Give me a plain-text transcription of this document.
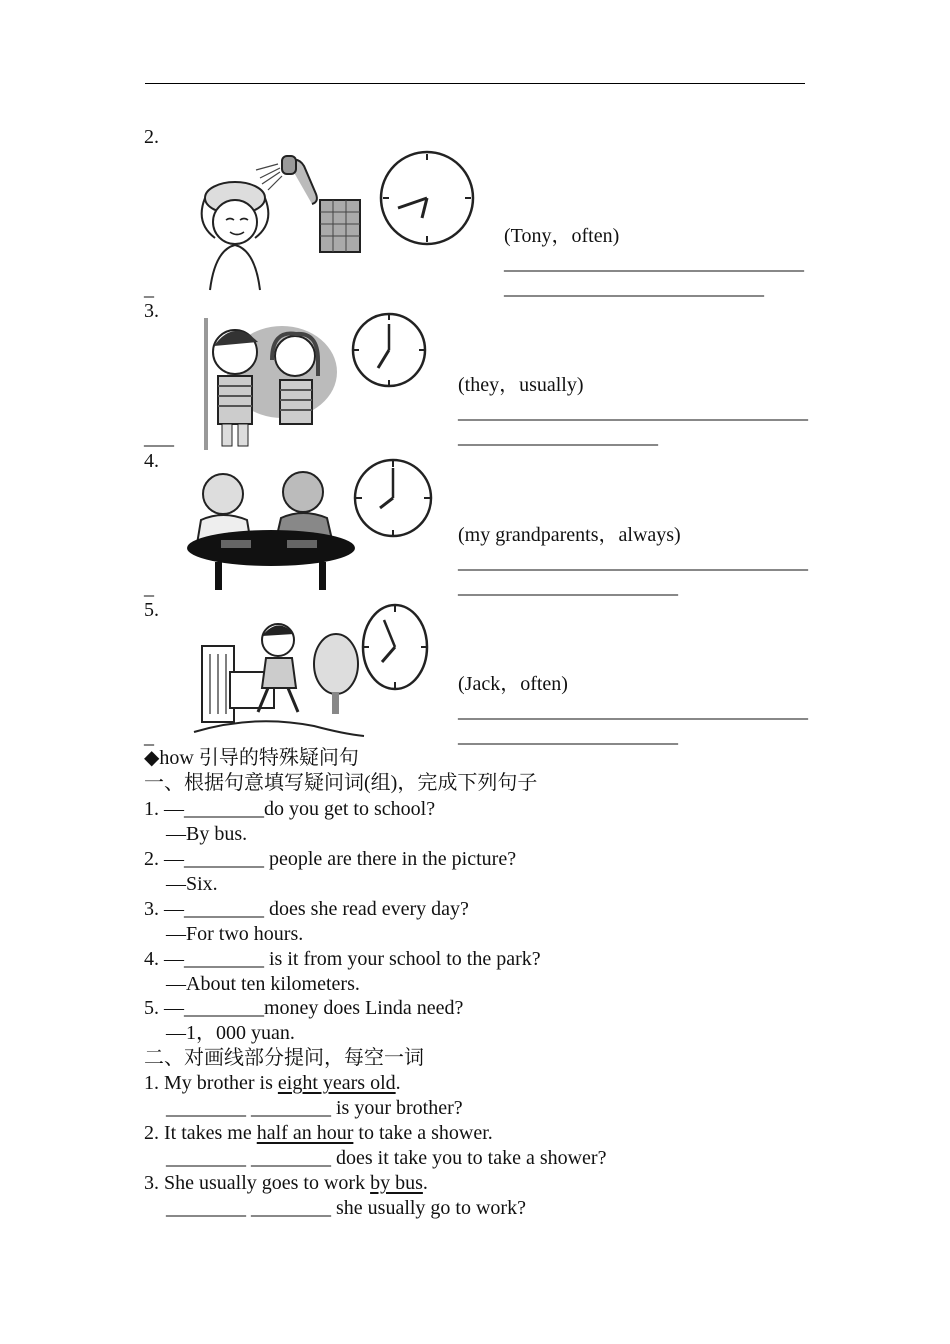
2.
(Tony，often)
______________________________
__________________________
_
3.
(they，usually)
___________________________________
____________________
___
4.
(my grandparents，always)
___________________________________
______________________
_
5.
(Jack，often)
___________________________________
______________________
_
◆how 引导的特殊疑问句
一、根据句意填写疑问词(组)，完成下列句子
1. —________do you get to school?
—By bus.
2. —________ people are there in the picture?
—Six.
3. —________ does she read every day?
—For two hours.
4. —________ is it from your school to the park?
—About ten kilometers.
5. —________money does Linda need?
—1，000 yuan.
二、对画线部分提问，每空一词
1. My brother is eight years old.
________ ________ is your brother?
2. It takes me half an hour to take a shower.
________ ________ does it take you to take a shower?
3. She usually goes to work by bus.
________ ________ she usually go to work?
